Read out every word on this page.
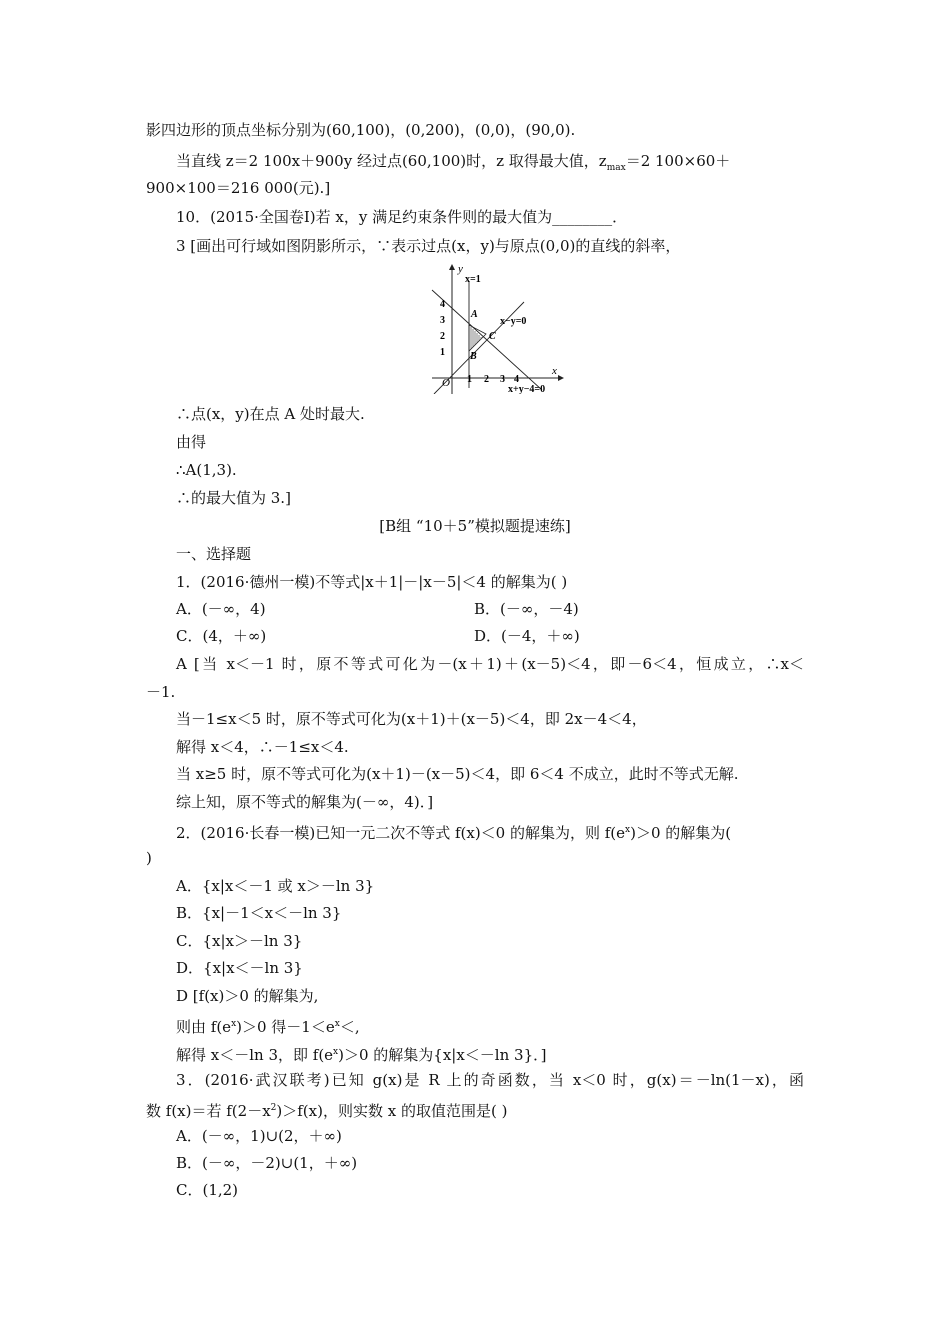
影四边形的顶点坐标分别为(60,100)，(0,200)，(0,0)，(90,0).
当直线 z＝2 100x＋900y 经过点(60,100)时，z 取得最大值，$z_{max}=2$ 100×60＋
900×100＝216 000(元).]
10．(2015·全国卷Ⅰ)若 x，y 满足约束条件则的最大值为________．
3 [画出可行域如图阴影所示，∵表示过点(x，y)与原点(0,0)的直线的斜率，
y
x
O
x=1
x−y=0
x+y−4=0
A
B
C
1 2 3 4
1
2
3
4
∴点(x，y)在点 A 处时最大.
由得
∴A(1,3).
∴的最大值为 3.]
[B组 “10＋5”模拟题提速练]
一、选择题
1．(2016·德州一模)不等式|x＋1|－|x－5|＜4 的解集为( )
A．(－∞，4)	B．(－∞，－4)
C．(4，＋∞)	D．(－4，＋∞)
A [当 x＜－1 时，原不等式可化为－(x＋1)＋(x－5)＜4，即－6＜4，恒成立，∴x＜
－1.
当－1≤x＜5 时，原不等式可化为(x＋1)＋(x－5)＜4，即 2x－4＜4，
解得 x＜4，∴－1≤x＜4.
当 x≥5 时，原不等式可化为(x＋1)－(x－5)＜4，即 6＜4 不成立，此时不等式无解.
综上知，原不等式的解集为(－∞，4)．]
2．(2016·长春一模)已知一元二次不等式 f(x)＜0 的解集为，则 $f(e^x)>0$ 的解集为(
)
A．{x|x＜－1 或 x＞－ln 3}
B．{x|－1＜x＜－ln 3}
C．{x|x＞－ln 3}
D．{x|x＜－ln 3}
D [f(x)＞0 的解集为,
则由 $f(e^x)>0$ 得$-1<e^x<$,
解得 x＜－ln 3，即 $f(e^x)>0$ 的解集为{x|x＜－ln 3}．]
3．(2016·武汉联考)已知 g(x)是 R 上的奇函数，当 x＜0 时，g(x)＝－ln(1－x)，函
数 f(x)＝若 $f(2-x^2)>f(x)$，则实数 x 的取值范围是( )
A．(－∞，1)∪(2，＋∞)
B．(－∞，－2)∪(1，＋∞)
C．(1,2)
